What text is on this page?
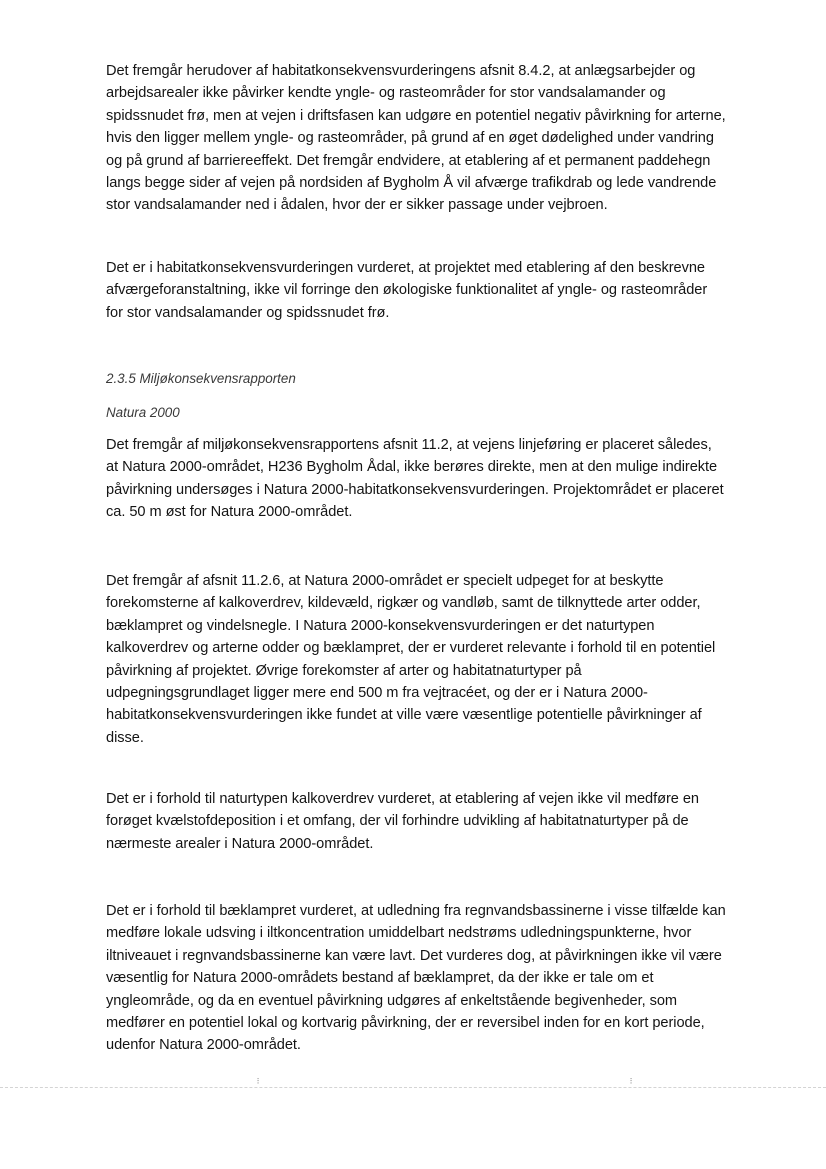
Det fremgår herudover af habitatkonsekvensvurderingens afsnit 8.4.2, at anlægsarbejder og arbejdsarealer ikke påvirker kendte yngle- og rasteområder for stor vandsalamander og spidssnudet frø, men at vejen i driftsfasen kan udgøre en potentiel negativ påvirkning for arterne, hvis den ligger mellem yngle- og rasteområder, på grund af en øget dødelighed under vandring og på grund af barriereeffekt. Det fremgår endvidere, at etablering af et permanent paddehegn langs begge sider af vejen på nordsiden af Bygholm Å vil afværge trafikdrab og lede vandrende stor vandsalamander ned i ådalen, hvor der er sikker passage under vejbroen.

Det er i habitatkonsekvensvurderingen vurderet, at projektet med etablering af den beskrevne afværgeforanstaltning, ikke vil forringe den økologiske funktionalitet af yngle- og rasteområder for stor vandsalamander og spidssnudet frø.

2.3.5 Miljøkonsekvensrapporten
Natura 2000

Det fremgår af miljøkonsekvensrapportens afsnit 11.2, at vejens linjeføring er placeret således, at Natura 2000-området, H236 Bygholm Ådal, ikke berøres direkte, men at den mulige indirekte påvirkning undersøges i Natura 2000-habitatkonsekvensvurderingen. Projektområdet er placeret ca. 50 m øst for Natura 2000-området.

Det fremgår af afsnit 11.2.6, at Natura 2000-området er specielt udpeget for at beskytte forekomsterne af kalkoverdrev, kildevæld, rigkær og vandløb, samt de tilknyttede arter odder, bæklampret og vindelsnegle. I Natura 2000-konsekvensvurderingen er det naturtypen kalkoverdrev og arterne odder og bæklampret, der er vurderet relevante i forhold til en potentiel påvirkning af projektet. Øvrige forekomster af arter og habitatnaturtyper på udpegningsgrundlaget ligger mere end 500 m fra vejtracéet, og der er i Natura 2000-habitatkonsekvensvurderingen ikke fundet at ville være væsentlige potentielle påvirkninger af disse.

Det er i forhold til naturtypen kalkoverdrev vurderet, at etablering af vejen ikke vil medføre en forøget kvælstofdeposition i et omfang, der vil forhindre udvikling af habitatnaturtyper på de nærmeste arealer i Natura 2000-området.

Det er i forhold til bæklampret vurderet, at udledning fra regnvandsbassinerne i visse tilfælde kan medføre lokale udsving i iltkoncentration umiddelbart nedstrøms udledningspunkterne, hvor iltniveauet i regnvandsbassinerne kan være lavt. Det vurderes dog, at påvirkningen ikke vil være væsentlig for Natura 2000-områdets bestand af bæklampret, da der ikke er tale om et yngleområde, og da en eventuel påvirkning udgøres af enkeltstående begivenheder, som medfører en potentiel lokal og kortvarig påvirkning, der er reversibel inden for en kort periode, udenfor Natura 2000-området.

⁝	⁝
